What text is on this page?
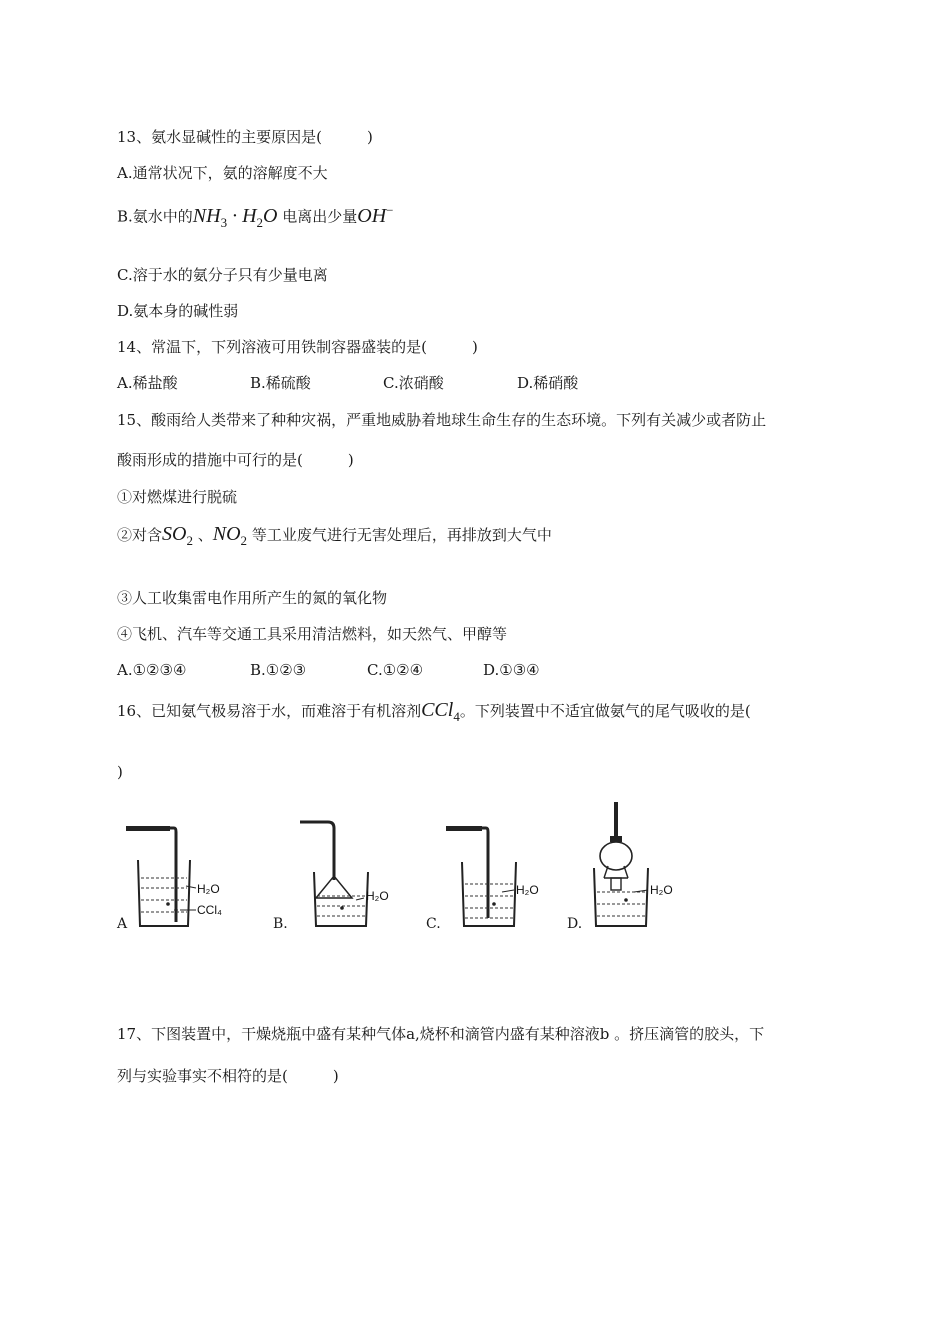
13、氨水显碱性的主要原因是(　　　)
A.通常状况下，氨的溶解度不大
B.氨水中的$NH_3 \cdot H_2O$ 电离出少量OH−
C.溶于水的氨分子只有少量电离
D.氨本身的碱性弱
14、常温下，下列溶液可用铁制容器盛装的是(　　　)
A.稀盐酸	B.稀硫酸	C.浓硝酸	D.稀硝酸
15、酸雨给人类带来了种种灾祸，严重地威胁着地球生命生存的生态环境。下列有关减少或者防止
酸雨形成的措施中可行的是(　　　)
①对燃煤进行脱硫
②对含$SO_2$ 、$NO_2$ 等工业废气进行无害处理后，再排放到大气中
③人工收集雷电作用所产生的氮的氧化物
④飞机、汽车等交通工具采用清洁燃料，如天然气、甲醇等
A.①②③④	B.①②③	C.①②④	D.①③④
16、已知氨气极易溶于水，而难溶于有机溶剂CCl$_4$。下列装置中不适宜做氨气的尾气吸收的是(
)
H₂O
CCl₄
A
H₂O
B.
H₂O
C.
H₂O
D.
17、下图装置中，干燥烧瓶中盛有某种气体a,烧杯和滴管内盛有某种溶液b 。挤压滴管的胶头，下
列与实验事实不相符的是(　　　)
